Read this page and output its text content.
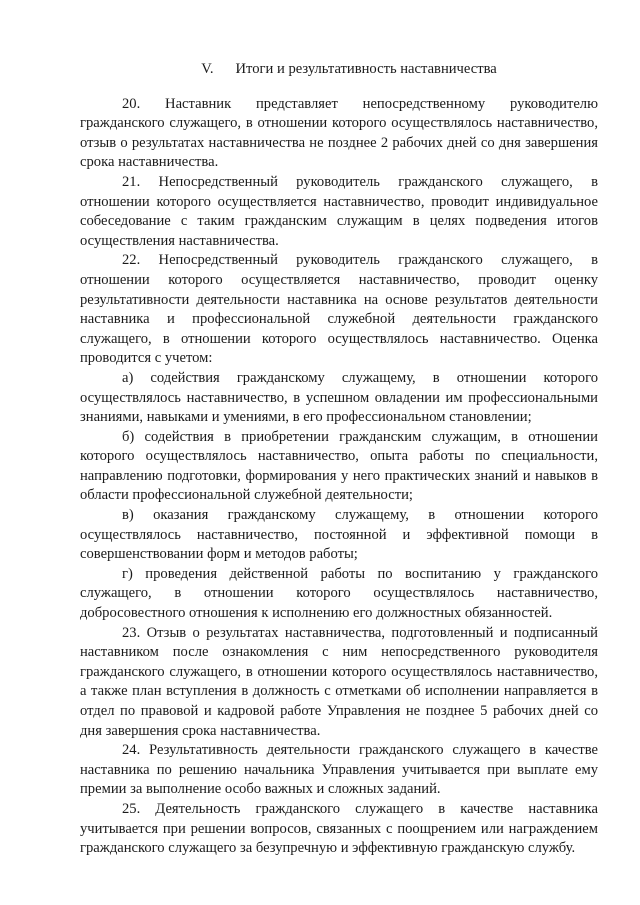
V. Итоги и результативность наставничества

20. Наставник представляет непосредственному руководителю гражданского служащего, в отношении которого осуществлялось наставничество, отзыв о результатах наставничества не позднее 2 рабочих дней со дня завершения срока наставничества.

21. Непосредственный руководитель гражданского служащего, в отношении которого осуществляется наставничество, проводит индивидуальное собеседование с таким гражданским служащим в целях подведения итогов осуществления наставничества.

22. Непосредственный руководитель гражданского служащего, в отношении которого осуществляется наставничество, проводит оценку результативности деятельности наставника на основе результатов деятельности наставника и профессиональной служебной деятельности гражданского служащего, в отношении которого осуществлялось наставничество. Оценка проводится с учетом:

а) содействия гражданскому служащему, в отношении которого осуществлялось наставничество, в успешном овладении им профессиональными знаниями, навыками и умениями, в его профессиональном становлении;

б) содействия в приобретении гражданским служащим, в отношении которого осуществлялось наставничество, опыта работы по специальности, направлению подготовки, формирования у него практических знаний и навыков в области профессиональной служебной деятельности;

в) оказания гражданскому служащему, в отношении которого осуществлялось наставничество, постоянной и эффективной помощи в совершенствовании форм и методов работы;

г) проведения действенной работы по воспитанию у гражданского служащего, в отношении которого осуществлялось наставничество, добросовестного отношения к исполнению его должностных обязанностей.

23. Отзыв о результатах наставничества, подготовленный и подписанный наставником после ознакомления с ним непосредственного руководителя гражданского служащего, в отношении которого осуществлялось наставничество, а также план вступления в должность с отметками об исполнении направляется в отдел по правовой и кадровой работе Управления не позднее 5 рабочих дней со дня завершения срока наставничества.

24. Результативность деятельности гражданского служащего в качестве наставника по решению начальника Управления учитывается при выплате ему премии за выполнение особо важных и сложных заданий.

25. Деятельность гражданского служащего в качестве наставника учитывается при решении вопросов, связанных с поощрением или награждением гражданского служащего за безупречную и эффективную гражданскую службу.
